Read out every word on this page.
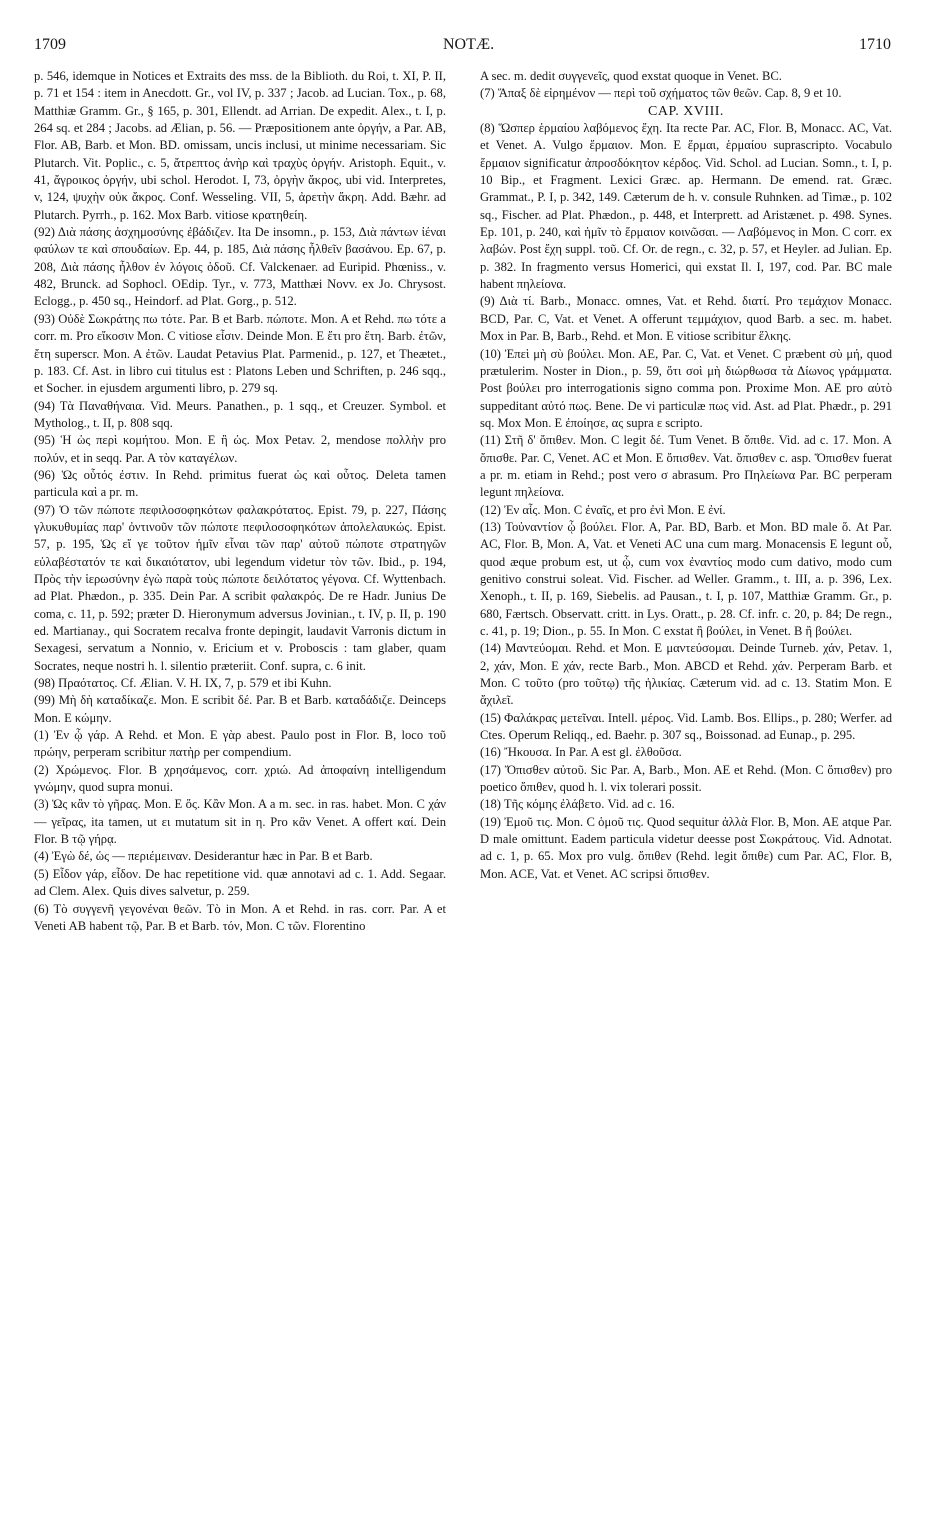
1709	NOTÆ.	1710

p. 546, idemque in Notices et Extraits des mss. de la Biblioth. du Roi, t. XI, P. II, p. 71 et 154 : item in Anecdott. Gr., vol IV, p. 337 ; Jacob. ad Lucian. Tox., p. 68, Matthiæ Gramm. Gr., § 165, p. 301, Ellendt. ad Arrian. De expedit. Alex., t. I, p. 264 sq. et 284 ; Jacobs. ad Ælian, p. 56. — Præpositionem ante ὀργήν, a Par. AB, Flor. AB, Barb. et Mon. BD. omissam, uncis inclusi, ut minime necessariam. Sic Plutarch. Vit. Poplic., c. 5, ἄτρεπτος ἀνὴρ καὶ τραχὺς ὀργήν. Aristoph. Equit., v. 41, ἄγροικος ὀργήν, ubi schol. Herodot. I, 73, ὀργὴν ἄκρος, ubi vid. Interpretes, v, 124, ψυχὴν οὐκ ἄκρος. Conf. Wesseling. VII, 5, ἀρετὴν ἄκρη. Add. Bæhr. ad Plutarch. Pyrrh., p. 162. Mox Barb. vitiose κρατηθείη.

(92) Διὰ πάσης ἀσχημοσύνης ἐβάδιζεν. Ita De insomn., p. 153, Διὰ πάντων ἰέναι φαύλων τε καὶ σπουδαίων. Ep. 44, p. 185, Διὰ πάσης ἦλθεῖν βασάνου. Ep. 67, p. 208, Διὰ πάσης ἦλθον ἐν λόγοις ὁδοῦ. Cf. Valckenaer. ad Euripid. Phœniss., v. 482, Brunck. ad Sophocl. OEdip. Tyr., v. 773, Matthæi Novv. ex Jo. Chrysost. Eclogg., p. 450 sq., Heindorf. ad Plat. Gorg., p. 512.

(93) Οὐδὲ Σωκράτης πω τότε. Par. B et Barb. πώποτε. Mon. A et Rehd. πω τότε a corr. m. Pro εἴκοσιν Mon. C vitiose εἶσιν. Deinde Mon. E ἔτι pro ἔτη. Barb. ἐτῶν, ἔτη superscr. Mon. A ἐτῶν. Laudat Petavius Plat. Parmenid., p. 127, et Theætet., p. 183. Cf. Ast. in libro cui titulus est : Platons Leben und Schriften, p. 246 sqq., et Socher. in ejusdem argumenti libro, p. 279 sq.

(94) Τὰ Παναθήναια. Vid. Meurs. Panathen., p. 1 sqq., et Creuzer. Symbol. et Mytholog., t. II, p. 808 sqq.

(95) Ἡ ὡς περὶ κομήτου. Mon. E ἢ ὡς. Mox Petav. 2, mendose πολλὴν pro πολύν, et in seqq. Par. A τὸν καταγέλων.

(96) Ὡς οὗτός ἐστιν. In Rehd. primitus fuerat ὡς καὶ οὗτος. Deleta tamen particula καὶ a pr. m.

(97) Ὁ τῶν πώποτε πεφιλοσοφηκότων φαλακρότατος. Epist. 79, p. 227, Πάσης γλυκυθυμίας παρ' ὀντινοῦν τῶν πώποτε πεφιλοσοφηκότων ἀπολελαυκώς. Epist. 57, p. 195, Ὡς εἴ γε τοῦτον ἡμῖν εἶναι τῶν παρ' αὐτοῦ πώποτε στρατηγῶν εὐλαβέστατόν τε καὶ δικαιότατον, ubi legendum videtur τὸν τῶν. Ibid., p. 194, Πρὸς τὴν ἱερωσύνην ἐγὼ παρὰ τοὺς πώποτε δειλότατος γέγονα. Cf. Wyttenbach. ad Plat. Phædon., p. 335. Dein Par. A scribit φαλακρός. De re Hadr. Junius De coma, c. 11, p. 592; præter D. Hieronymum adversus Jovinian., t. IV, p. II, p. 190 ed. Martianay., qui Socratem recalva fronte depingit, laudavit Varronis dictum in Sexagesi, servatum a Nonnio, v. Ericium et v. Proboscis : tam glaber, quam Socrates, neque nostri h. l. silentio præteriit. Conf. supra, c. 6 init.

(98) Πραότατος. Cf. Ælian. V. H. IX, 7, p. 579 et ibi Kuhn.

(99) Μὴ δὴ καταδίκαζε. Mon. E scribit δέ. Par. B et Barb. καταδάδιζε. Deinceps Mon. E κώμην.

(1) Ἐν ᾧ γάρ. A Rehd. et Mon. E γὰρ abest. Paulo post in Flor. B, loco τοῦ πρώην, perperam scribitur πατὴρ per compendium.

(2) Χρώμενος. Flor. B χρησάμενος, corr. χριώ. Ad ἀποφαίνη intelligendum γνώμην, quod supra monui.

(3) Ὡς κἂν τὸ γῆρας. Mon. E ὅς. Κἂν Mon. A a m. sec. in ras. habet. Mon. C χάν — γεῖρας, ita tamen, ut ει mutatum sit in η. Pro κἂν Venet. A offert καί. Dein Flor. B τῷ γήρᾳ.

(4) Ἐγὼ δέ, ὡς — περιέμειναν. Desiderantur hæc in Par. B et Barb.

(5) Εἶδον γάρ, εἶδον. De hac repetitione vid. quæ annotavi ad c. 1. Add. Segaar. ad Clem. Alex. Quis dives salvetur, p. 259.

(6) Τὸ συγγενῆ γεγονέναι θεῶν. Τὸ in Mon. A et Rehd. in ras. corr. Par. A et Veneti AB habent τῷ, Par. B et Barb. τόν, Mon. C τῶν. Florentino

A sec. m. dedit συγγενεῖς, quod exstat quoque in Venet. BC.

(7) Ἅπαξ δὲ εἰρημένον — περὶ τοῦ σχήματος τῶν θεῶν. Cap. 8, 9 et 10.

CAP. XVIII.

(8) Ὥσπερ ἑρμαίου λαβόμενος ἔχη. Ita recte Par. AC, Flor. B, Monacc. AC, Vat. et Venet. A. Vulgo ἕρμαιον. Mon. E ἕρμαι, ἑρμαίου suprascripto. Vocabulo ἕρμαιον significatur ἀπροσδόκητον κέρδος. Vid. Schol. ad Lucian. Somn., t. I, p. 10 Bip., et Fragment. Lexici Græc. ap. Hermann. De emend. rat. Græc. Grammat., P. I, p. 342, 149. Cæterum de h. v. consule Ruhnken. ad Timæ., p. 102 sq., Fischer. ad Plat. Phædon., p. 448, et Interprett. ad Aristænet. p. 498. Synes. Ep. 101, p. 240, καὶ ἡμῖν τὸ ἕρμαιον κοινῶσαι. — Λαβόμενος in Mon. C corr. ex λαβών. Post ἔχη suppl. τοῦ. Cf. Or. de regn., c. 32, p. 57, et Heyler. ad Julian. Ep. p. 382. In fragmento versus Homerici, qui exstat Il. I, 197, cod. Par. BC male habent πηλείονα.

(9) Διὰ τί. Barb., Monacc. omnes, Vat. et Rehd. διατί. Pro τεμάχιον Monacc. BCD, Par. C, Vat. et Venet. A offerunt τεμμάχιον, quod Barb. a sec. m. habet. Mox in Par. B, Barb., Rehd. et Mon. E vitiose scribitur ἕλκης.

(10) Ἐπεὶ μὴ σὺ βούλει. Mon. AE, Par. C, Vat. et Venet. C præbent σὺ μή, quod prætulerim. Noster in Dion., p. 59, ὅτι σοὶ μὴ διώρθωσα τὰ Δίωνος γράμματα. Post βούλει pro interrogationis signo comma pon. Proxime Mon. AE pro αὐτὸ suppeditant αὐτό πως. Bene. De vi particulæ πως vid. Ast. ad Plat. Phædr., p. 291 sq. Mox Mon. E ἐποίησε, ας supra ε scripto.

(11) Στῆ δ' ὄπιθεν. Mon. C legit δέ. Tum Venet. B ὄπιθε. Vid. ad c. 17. Mon. A ὄπισθε. Par. C, Venet. AC et Mon. E ὄπισθεν. Vat. ὄπισθεν c. asp. Ὄπισθεν fuerat a pr. m. etiam in Rehd.; post vero σ abrasum. Pro Πηλείωνα Par. BC perperam legunt πηλείονα.

(12) Ἐν αἷς. Mon. C ἐναῖς, et pro ἐνὶ Mon. E ἐνί.

(13) Τοὐναντίον ᾧ βούλει. Flor. A, Par. BD, Barb. et Mon. BD male ὅ. At Par. AC, Flor. B, Mon. A, Vat. et Veneti AC una cum marg. Monacensis E legunt οὗ, quod æque probum est, ut ᾧ, cum vox ἐναντίος modo cum dativo, modo cum genitivo construi soleat. Vid. Fischer. ad Weller. Gramm., t. III, a. p. 396, Lex. Xenoph., t. II, p. 169, Siebelis. ad Pausan., t. I, p. 107, Matthiæ Gramm. Gr., p. 680, Færtsch. Observatt. critt. in Lys. Oratt., p. 28. Cf. infr. c. 20, p. 84; De regn., c. 41, p. 19; Dion., p. 55. In Mon. C exstat ἢ βούλει, in Venet. B ἢ βούλει.

(14) Μαντεύομαι. Rehd. et Mon. E μαντεύσομαι. Deinde Turneb. χάν, Petav. 1, 2, χάν, Mon. E χάν, recte Barb., Mon. ABCD et Rehd. χάν. Perperam Barb. et Mon. C τοῦτο (pro τοῦτῳ) τῆς ἡλικίας. Cæterum vid. ad c. 13. Statim Mon. E ἄχιλεῖ.

(15) Φαλάκρας μετεῖναι. Intell. μέρος. Vid. Lamb. Bos. Ellips., p. 280; Werfer. ad Ctes. Operum Reliqq., ed. Baehr. p. 307 sq., Boissonad. ad Eunap., p. 295.

(16) Ἤκουσα. In Par. A est gl. ἐλθοῦσα.

(17) Ὄπισθεν αὐτοῦ. Sic Par. A, Barb., Mon. AE et Rehd. (Mon. C ὄπισθεν) pro poetico ὄπιθεν, quod h. l. vix tolerari possit.

(18) Τῆς κόμης ἐλάβετο. Vid. ad c. 16.

(19) Ἐμοῦ τις. Mon. C ὁμοῦ τις. Quod sequitur ἀλλὰ Flor. B, Mon. AE atque Par. D male omittunt. Eadem particula videtur deesse post Σωκράτους. Vid. Adnotat. ad c. 1, p. 65. Mox pro vulg. ὄπιθεν (Rehd. legit ὄπιθε) cum Par. AC, Flor. B, Mon. ACE, Vat. et Venet. AC scripsi ὄπισθεν.
